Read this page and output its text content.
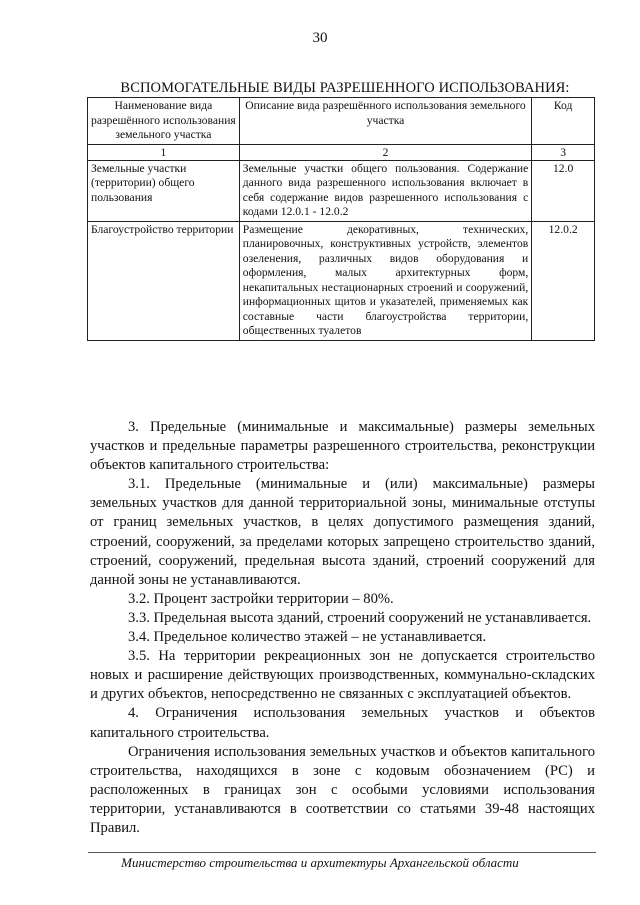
30
ВСПОМОГАТЕЛЬНЫЕ ВИДЫ РАЗРЕШЕННОГО ИСПОЛЬЗОВАНИЯ:
Наименование вида разрешённого использования земельного участка	Описание вида разрешённого использования земельного участка	Код
1	2	3
Земельные участки (территории) общего пользования	Земельные участки общего пользования. Содержание данного вида разрешенного использования включает в себя содержание видов разрешенного использования с кодами 12.0.1 - 12.0.2	12.0
Благоустройство территории	Размещение декоративных, технических, планировочных, конструктивных устройств, элементов озеленения, различных видов оборудования и оформления, малых архитектурных форм, некапитальных нестационарных строений и сооружений, информационных щитов и указателей, применяемых как составные части благоустройства территории, общественных туалетов	12.0.2

3. Предельные (минимальные и максимальные) размеры земельных участков и предельные параметры разрешенного строительства, реконструкции объектов капитального строительства:

3.1. Предельные (минимальные и (или) максимальные) размеры земельных участков для данной территориальной зоны, минимальные отступы от границ земельных участков, в целях допустимого размещения зданий, строений, сооружений, за пределами которых запрещено строительство зданий, строений, сооружений, предельная высота зданий, строений сооружений для данной зоны не устанавливаются.

3.2. Процент застройки территории – 80%.

3.3. Предельная высота зданий, строений сооружений не устанавливается.

3.4. Предельное количество этажей – не устанавливается.

3.5. На территории рекреационных зон не допускается строительство новых и расширение действующих производственных, коммунально-складских и других объектов, непосредственно не связанных с эксплуатацией объектов.

4. Ограничения использования земельных участков и объектов капитального строительства.

Ограничения использования земельных участков и объектов капитального строительства, находящихся в зоне с кодовым обозначением (РС) и расположенных в границах зон с особыми условиями использования территории, устанавливаются в соответствии со статьями 39-48 настоящих Правил.

Министерство строительства и архитектуры Архангельской области
